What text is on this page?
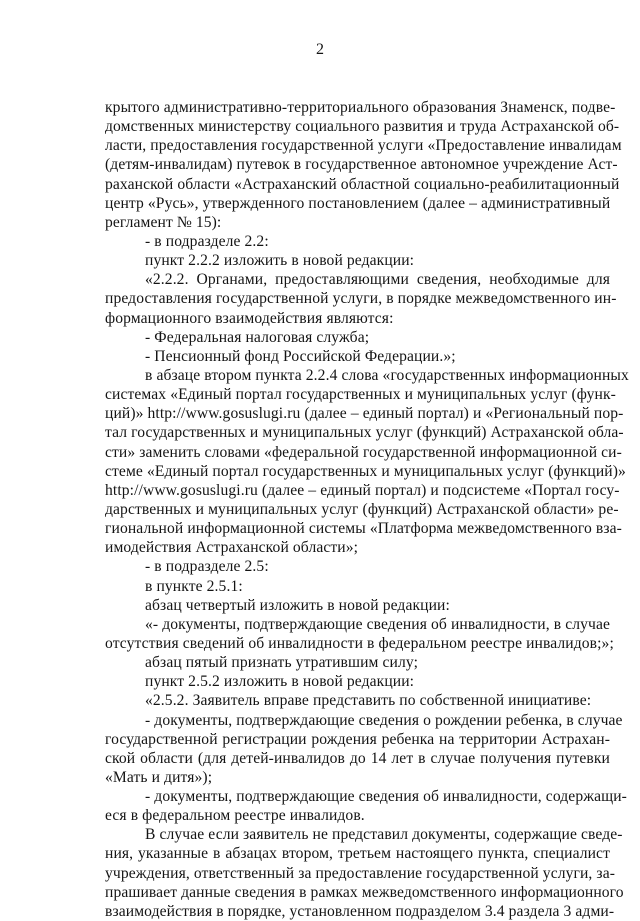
2
крытого административно-территориального образования Знаменск, подве-
домственных министерству социального развития и труда Астраханской об-
ласти, предоставления государственной услуги «Предоставление инвалидам
(детям-инвалидам) путевок в государственное автономное учреждение Аст-
раханской области «Астраханский областной социально-реабилитационный
центр «Русь», утвержденного постановлением (далее – административный
регламент № 15):
- в подразделе 2.2:
пункт 2.2.2 изложить в новой редакции:
«2.2.2. Органами, предоставляющими сведения, необходимые для
предоставления государственной услуги, в порядке межведомственного ин-
формационного взаимодействия являются:
- Федеральная налоговая служба;
- Пенсионный фонд Российской Федерации.»;
в абзаце втором пункта 2.2.4 слова «государственных информационных
системах «Единый портал государственных и муниципальных услуг (функ-
ций)» http://www.gosuslugi.ru (далее – единый портал) и «Региональный пор-
тал государственных и муниципальных услуг (функций) Астраханской обла-
сти» заменить словами «федеральной государственной информационной си-
стеме «Единый портал государственных и муниципальных услуг (функций)»
http://www.gosuslugi.ru (далее – единый портал) и подсистеме «Портал госу-
дарственных и муниципальных услуг (функций) Астраханской области» ре-
гиональной информационной системы «Платформа межведомственного вза-
имодействия Астраханской области»;
- в подразделе 2.5:
в пункте 2.5.1:
абзац четвертый изложить в новой редакции:
«- документы, подтверждающие сведения об инвалидности, в случае
отсутствия сведений об инвалидности в федеральном реестре инвалидов;»;
абзац пятый признать утратившим силу;
пункт 2.5.2 изложить в новой редакции:
«2.5.2. Заявитель вправе представить по собственной инициативе:
- документы, подтверждающие сведения о рождении ребенка, в случае
государственной регистрации рождения ребенка на территории Астрахан-
ской области (для детей-инвалидов до 14 лет в случае получения путевки
«Мать и дитя»);
- документы, подтверждающие сведения об инвалидности, содержащи-
еся в федеральном реестре инвалидов.
В случае если заявитель не представил документы, содержащие сведе-
ния, указанные в абзацах втором, третьем настоящего пункта, специалист
учреждения, ответственный за предоставление государственной услуги, за-
прашивает данные сведения в рамках межведомственного информационного
взаимодействия в порядке, установленном подразделом 3.4 раздела 3 адми-
